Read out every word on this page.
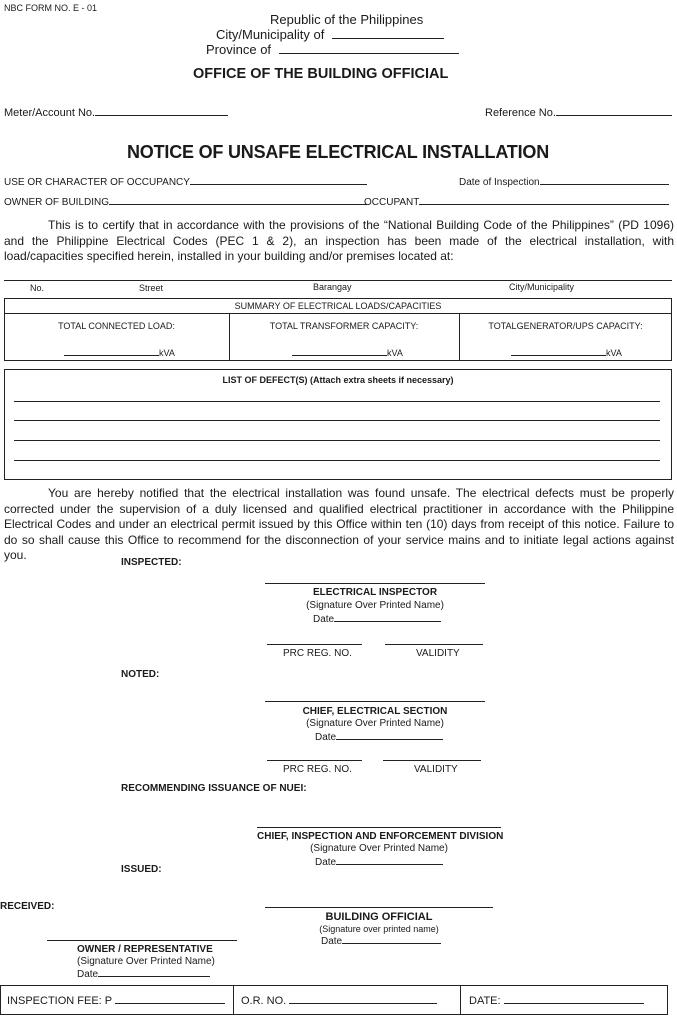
NBC FORM NO. E - 01
Republic of the Philippines
City/Municipality of
Province of
OFFICE OF THE BUILDING OFFICIAL
Meter/Account No.	Reference No.
NOTICE OF UNSAFE ELECTRICAL INSTALLATION
USE OR CHARACTER OF OCCUPANCY	Date of Inspection
OWNER OF BUILDING	OCCUPANT
This is to certify that in accordance with the provisions of the “National Building Code of the Philippines” (PD 1096) and the Philippine Electrical Codes (PEC 1 & 2), an inspection has been made of the electrical installation, with load/capacities specified herein, installed in your building and/or premises located at:
No.	Street	Barangay	City/Municipality
SUMMARY OF ELECTRICAL LOADS/CAPACITIES
TOTAL CONNECTED LOAD:	TOTAL TRANSFORMER CAPACITY:	TOTALGENERATOR/UPS CAPACITY:
kVA	kVA	kVA
LIST OF DEFECT(S) (Attach extra sheets if necessary)
You are hereby notified that the electrical installation was found unsafe. The electrical defects must be properly corrected under the supervision of a duly licensed and qualified electrical practitioner in accordance with the Philippine Electrical Codes and under an electrical permit issued by this Office within ten (10) days from receipt of this notice. Failure to do so shall cause this Office to recommend for the disconnection of your service mains and to initiate legal actions against you.
INSPECTED:
ELECTRICAL INSPECTOR
(Signature Over Printed Name)
Date
PRC REG. NO.	VALIDITY
NOTED:
CHIEF, ELECTRICAL SECTION
(Signature Over Printed Name)
Date
PRC REG. NO.	VALIDITY
RECOMMENDING ISSUANCE OF NUEI:
CHIEF, INSPECTION AND ENFORCEMENT DIVISION
(Signature Over Printed Name)
Date
ISSUED:
BUILDING OFFICIAL
(Signature over printed name)
Date
RECEIVED:
OWNER / REPRESENTATIVE
(Signature Over Printed Name)
Date
INSPECTION FEE: P	O.R. NO.	DATE:
